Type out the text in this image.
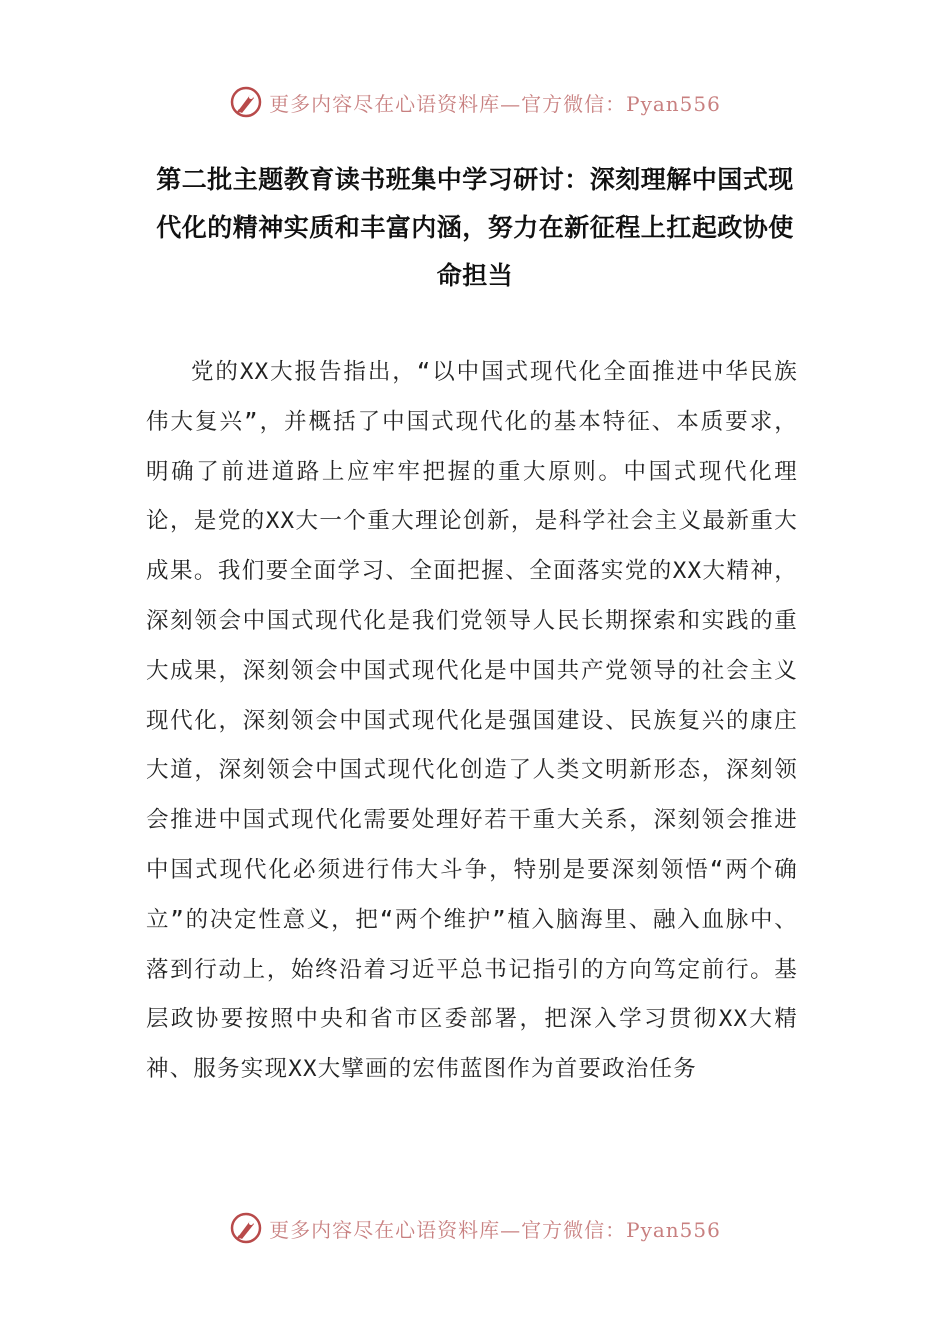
更多内容尽在心语资料库—官方微信：Pyan556
第二批主题教育读书班集中学习研讨：深刻理解中国式现代化的精神实质和丰富内涵，努力在新征程上扛起政协使命担当

党的XX大报告指出，“以中国式现代化全面推进中华民族伟大复兴”，并概括了中国式现代化的基本特征、本质要求，明确了前进道路上应牢牢把握的重大原则。中国式现代化理论，是党的XX大一个重大理论创新，是科学社会主义最新重大成果。我们要全面学习、全面把握、全面落实党的XX大精神，深刻领会中国式现代化是我们党领导人民长期探索和实践的重大成果，深刻领会中国式现代化是中国共产党领导的社会主义现代化，深刻领会中国式现代化是强国建设、民族复兴的康庄大道，深刻领会中国式现代化创造了人类文明新形态，深刻领会推进中国式现代化需要处理好若干重大关系，深刻领会推进中国式现代化必须进行伟大斗争，特别是要深刻领悟“两个确立”的决定性意义，把“两个维护”植入脑海里、融入血脉中、落到行动上，始终沿着习近平总书记指引的方向笃定前行。基层政协要按照中央和省市区委部署，把深入学习贯彻XX大精神、服务实现XX大擘画的宏伟蓝图作为首要政治任务

更多内容尽在心语资料库—官方微信：Pyan556
